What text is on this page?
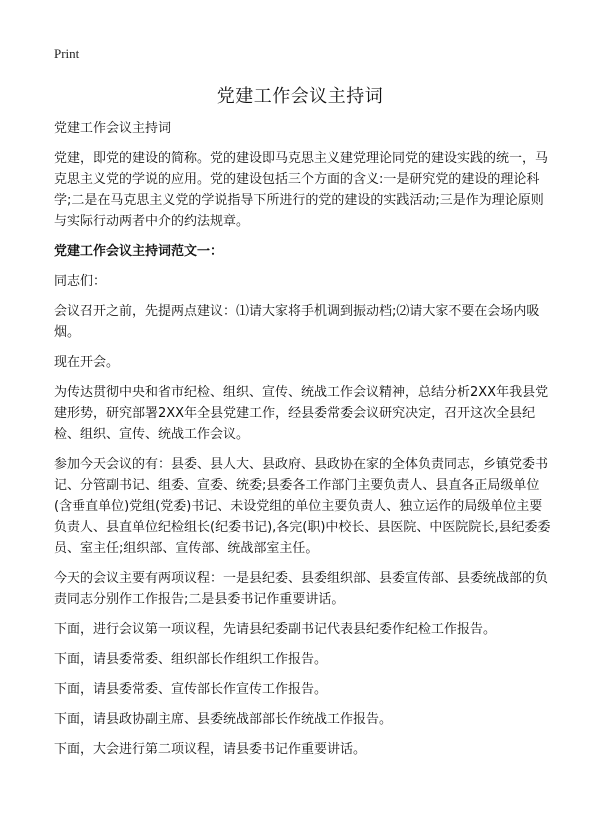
Print
党建工作会议主持词

党建工作会议主持词

党建，即党的建设的简称。党的建设即马克思主义建党理论同党的建设实践的统一，马克思主义党的学说的应用。党的建设包括三个方面的含义:一是研究党的建设的理论科学;二是在马克思主义党的学说指导下所进行的党的建设的实践活动;三是作为理论原则与实际行动两者中介的约法规章。

党建工作会议主持词范文一：

同志们：

会议召开之前，先提两点建议：⑴请大家将手机调到振动档;⑵请大家不要在会场内吸烟。

现在开会。

为传达贯彻中央和省市纪检、组织、宣传、统战工作会议精神，总结分析2XX年我县党建形势，研究部署2XX年全县党建工作，经县委常委会议研究决定，召开这次全县纪检、组织、宣传、统战工作会议。

参加今天会议的有：县委、县人大、县政府、县政协在家的全体负责同志，乡镇党委书记、分管副书记、组委、宣委、统委;县委各工作部门主要负责人、县直各正局级单位(含垂直单位)党组(党委)书记、未设党组的单位主要负责人、独立运作的局级单位主要负责人、县直单位纪检组长(纪委书记),各完(职)中校长、县医院、中医院院长,县纪委委员、室主任;组织部、宣传部、统战部室主任。

今天的会议主要有两项议程：一是县纪委、县委组织部、县委宣传部、县委统战部的负责同志分别作工作报告;二是县委书记作重要讲话。

下面，进行会议第一项议程，先请县纪委副书记代表县纪委作纪检工作报告。

下面，请县委常委、组织部长作组织工作报告。

下面，请县委常委、宣传部长作宣传工作报告。

下面，请县政协副主席、县委统战部部长作统战工作报告。

下面，大会进行第二项议程，请县委书记作重要讲话。
